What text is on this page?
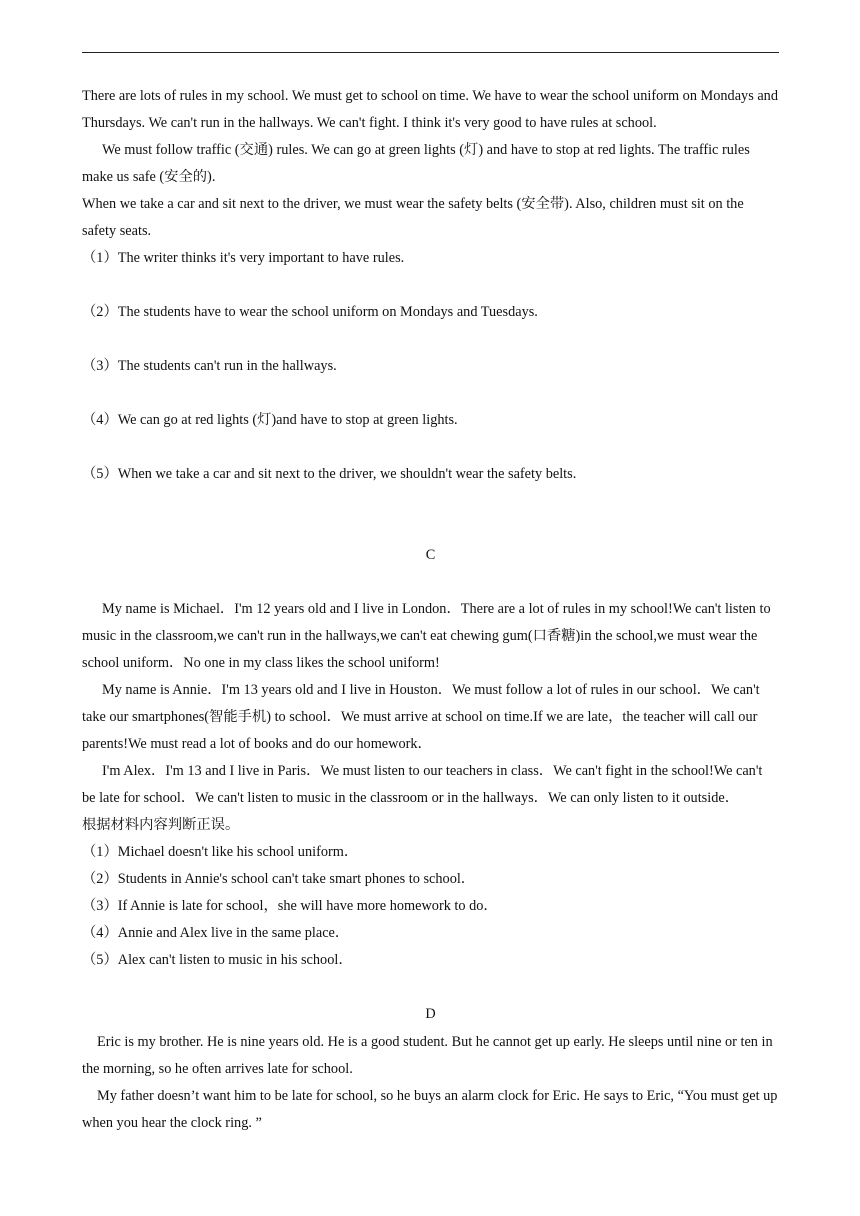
There are lots of rules in my school. We must get to school on time. We have to wear the school uniform on Mondays and Thursdays. We can't run in the hallways. We can't fight. I think it's very good to have rules at school.

We must follow traffic (交通) rules. We can go at green lights (灯) and have to stop at red lights. The traffic rules make us safe (安全的).

When we take a car and sit next to the driver, we must wear the safety belts (安全带). Also, children must sit on the safety seats.

（1）The writer thinks it's very important to have rules.

（2）The students have to wear the school uniform on Mondays and Tuesdays.

（3）The students can't run in the hallways.

（4）We can go at red lights (灯)and have to stop at green lights.

（5）When we take a car and sit next to the driver, we shouldn't wear the safety belts.

C

My name is Michael．I'm 12 years old and I live in London．There are a lot of rules in my school!We can't listen to music in the classroom,we can't run in the hallways,we can't eat chewing gum(口香糖)in the school,we must wear the school uniform．No one in my class likes the school uniform!

My name is Annie．I'm 13 years old and I live in Houston．We must follow a lot of rules in our school．We can't take our smartphones(智能手机) to school．We must arrive at school on time.If we are late，the teacher will call our parents!We must read a lot of books and do our homework．

I'm Alex．I'm 13 and I live in Paris．We must listen to our teachers in class．We can't fight in the school!We can't be late for school．We can't listen to music in the classroom or in the hallways．We can only listen to it outside．

根据材料内容判断正误。

（1）Michael doesn't like his school uniform．

（2）Students in Annie's school can't take smart phones to school．

（3）If Annie is late for school，she will have more homework to do．

（4）Annie and Alex live in the same place．

（5）Alex can't listen to music in his school．

D

Eric is my brother. He is nine years old. He is a good student. But he cannot get up early. He sleeps until nine or ten in the morning, so he often arrives late for school.

My father doesn’t want him to be late for school, so he buys an alarm clock for Eric. He says to Eric, “You must get up when you hear the clock ring. ”
